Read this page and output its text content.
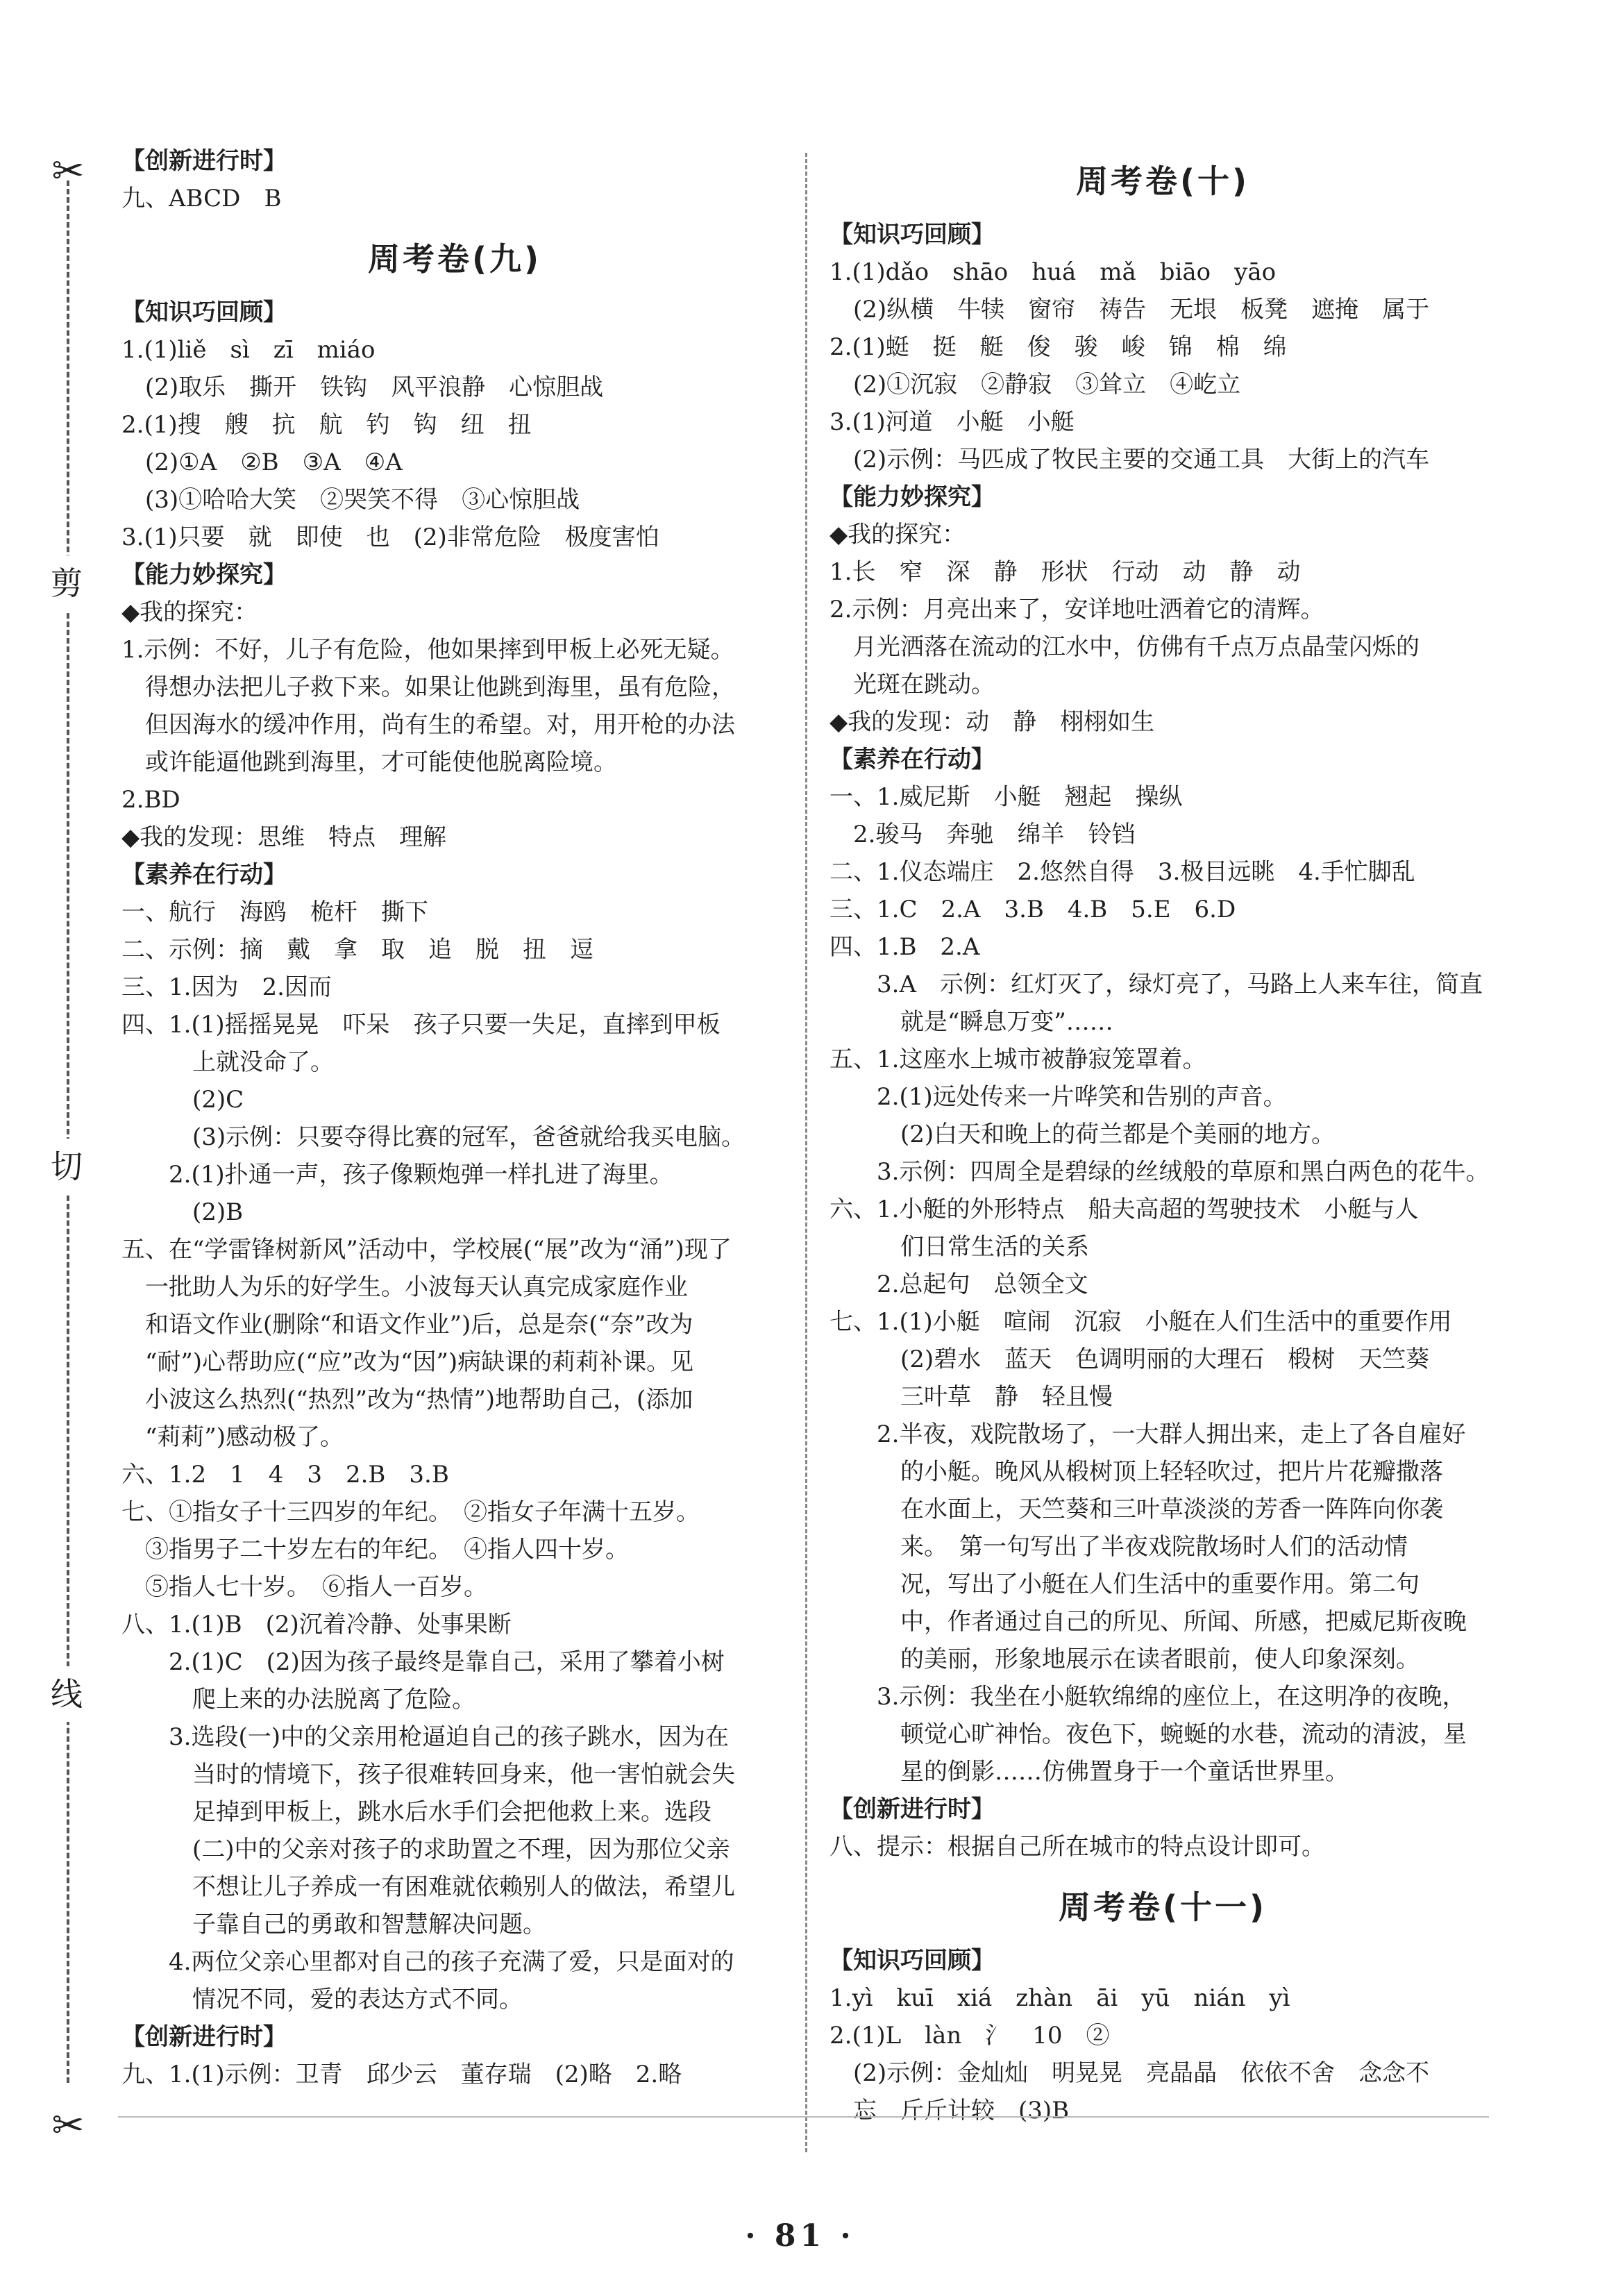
✂
剪
切
线
✂
【创新进行时】
九、ABCD　B
周考卷(九)
【知识巧回顾】
1.(1)liě　sì　zī　miáo
(2)取乐　撕开　铁钩　风平浪静　心惊胆战
2.(1)搜　艘　抗　航　钓　钩　纽　扭
(2)①A　②B　③A　④A
(3)①哈哈大笑　②哭笑不得　③心惊胆战
3.(1)只要　就　即使　也　(2)非常危险　极度害怕
【能力妙探究】
◆我的探究：
1.示例：不好，儿子有危险，他如果摔到甲板上必死无疑。
得想办法把儿子救下来。如果让他跳到海里，虽有危险，
但因海水的缓冲作用，尚有生的希望。对，用开枪的办法
或许能逼他跳到海里，才可能使他脱离险境。
2.BD
◆我的发现：思维　特点　理解
【素养在行动】
一、航行　海鸥　桅杆　撕下
二、示例：摘　戴　拿　取　追　脱　扭　逗
三、1.因为　2.因而
四、1.(1)摇摇晃晃　吓呆　孩子只要一失足，直摔到甲板
上就没命了。
(2)C
(3)示例：只要夺得比赛的冠军，爸爸就给我买电脑。
2.(1)扑通一声，孩子像颗炮弹一样扎进了海里。
(2)B
五、在“学雷锋树新风”活动中，学校展(“展”改为“涌”)现了
一批助人为乐的好学生。小波每天认真完成家庭作业
和语文作业(删除“和语文作业”)后，总是奈(“奈”改为
“耐”)心帮助应(“应”改为“因”)病缺课的莉莉补课。见
小波这么热烈(“热烈”改为“热情”)地帮助自己，(添加
“莉莉”)感动极了。
六、1.2　1　4　3　2.B　3.B
七、①指女子十三四岁的年纪。　②指女子年满十五岁。
③指男子二十岁左右的年纪。　④指人四十岁。
⑤指人七十岁。　⑥指人一百岁。
八、1.(1)B　(2)沉着冷静、处事果断
2.(1)C　(2)因为孩子最终是靠自己，采用了攀着小树
爬上来的办法脱离了危险。
3.选段(一)中的父亲用枪逼迫自己的孩子跳水，因为在
当时的情境下，孩子很难转回身来，他一害怕就会失
足掉到甲板上，跳水后水手们会把他救上来。选段
(二)中的父亲对孩子的求助置之不理，因为那位父亲
不想让儿子养成一有困难就依赖别人的做法，希望儿
子靠自己的勇敢和智慧解决问题。
4.两位父亲心里都对自己的孩子充满了爱，只是面对的
情况不同，爱的表达方式不同。
【创新进行时】
九、1.(1)示例：卫青　邱少云　董存瑞　(2)略　2.略
周考卷(十)
【知识巧回顾】
1.(1)dǎo　shāo　huá　mǎ　biāo　yāo
(2)纵横　牛犊　窗帘　祷告　无垠　板凳　遮掩　属于
2.(1)蜓　挺　艇　俊　骏　峻　锦　棉　绵
(2)①沉寂　②静寂　③耸立　④屹立
3.(1)河道　小艇　小艇
(2)示例：马匹成了牧民主要的交通工具　大街上的汽车
【能力妙探究】
◆我的探究：
1.长　窄　深　静　形状　行动　动　静　动
2.示例：月亮出来了，安详地吐洒着它的清辉。
月光洒落在流动的江水中，仿佛有千点万点晶莹闪烁的
光斑在跳动。
◆我的发现：动　静　栩栩如生
【素养在行动】
一、1.威尼斯　小艇　翘起　操纵
2.骏马　奔驰　绵羊　铃铛
二、1.仪态端庄　2.悠然自得　3.极目远眺　4.手忙脚乱
三、1.C　2.A　3.B　4.B　5.E　6.D
四、1.B　2.A
3.A　示例：红灯灭了，绿灯亮了，马路上人来车往，简直
就是“瞬息万变”……
五、1.这座水上城市被静寂笼罩着。
2.(1)远处传来一片哗笑和告别的声音。
(2)白天和晚上的荷兰都是个美丽的地方。
3.示例：四周全是碧绿的丝绒般的草原和黑白两色的花牛。
六、1.小艇的外形特点　船夫高超的驾驶技术　小艇与人
们日常生活的关系
2.总起句　总领全文
七、1.(1)小艇　喧闹　沉寂　小艇在人们生活中的重要作用
(2)碧水　蓝天　色调明丽的大理石　椴树　天竺葵
三叶草　静　轻且慢
2.半夜，戏院散场了，一大群人拥出来，走上了各自雇好
的小艇。晚风从椴树顶上轻轻吹过，把片片花瓣撒落
在水面上，天竺葵和三叶草淡淡的芳香一阵阵向你袭
来。　第一句写出了半夜戏院散场时人们的活动情
况，写出了小艇在人们生活中的重要作用。第二句
中，作者通过自己的所见、所闻、所感，把威尼斯夜晚
的美丽，形象地展示在读者眼前，使人印象深刻。
3.示例：我坐在小艇软绵绵的座位上，在这明净的夜晚，
顿觉心旷神怡。夜色下，蜿蜒的水巷，流动的清波，星
星的倒影……仿佛置身于一个童话世界里。
【创新进行时】
八、提示：根据自己所在城市的特点设计即可。
周考卷(十一)
【知识巧回顾】
1.yì　kuī　xiá　zhàn　āi　yū　nián　yì
2.(1)L　làn　氵　10　②
(2)示例：金灿灿　明晃晃　亮晶晶　依依不舍　念念不
忘　斤斤计较　(3)B
· 81 ·
